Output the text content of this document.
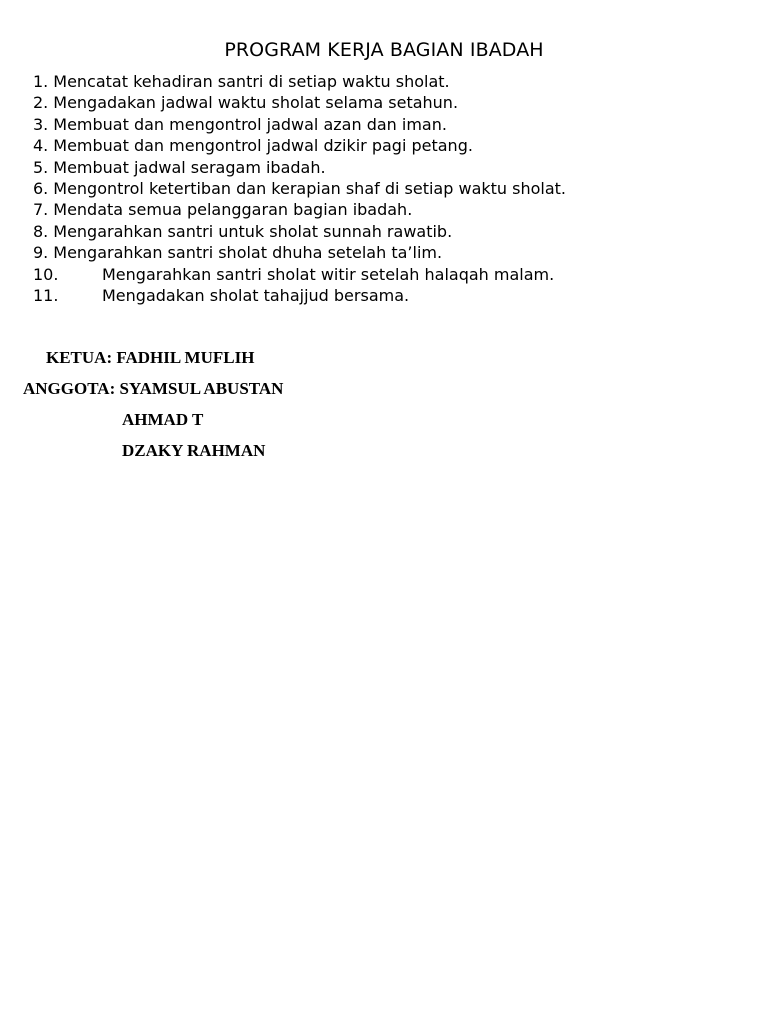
PROGRAM KERJA BAGIAN IBADAH
1. Mencatat kehadiran santri di setiap waktu sholat.
2. Mengadakan jadwal waktu sholat selama setahun.
3. Membuat dan mengontrol jadwal azan dan iman.
4. Membuat dan mengontrol jadwal dzikir pagi petang.
5. Membuat jadwal seragam ibadah.
6. Mengontrol ketertiban dan kerapian shaf di setiap waktu sholat.
7. Mendata semua pelanggaran bagian ibadah.
8. Mengarahkan santri untuk sholat sunnah rawatib.
9. Mengarahkan santri sholat dhuha setelah ta’lim.
10.	Mengarahkan santri sholat witir setelah halaqah malam.
11.	Mengadakan sholat tahajjud bersama.
KETUA: FADHIL MUFLIH
ANGGOTA: SYAMSUL ABUSTAN
AHMAD T
DZAKY RAHMAN
